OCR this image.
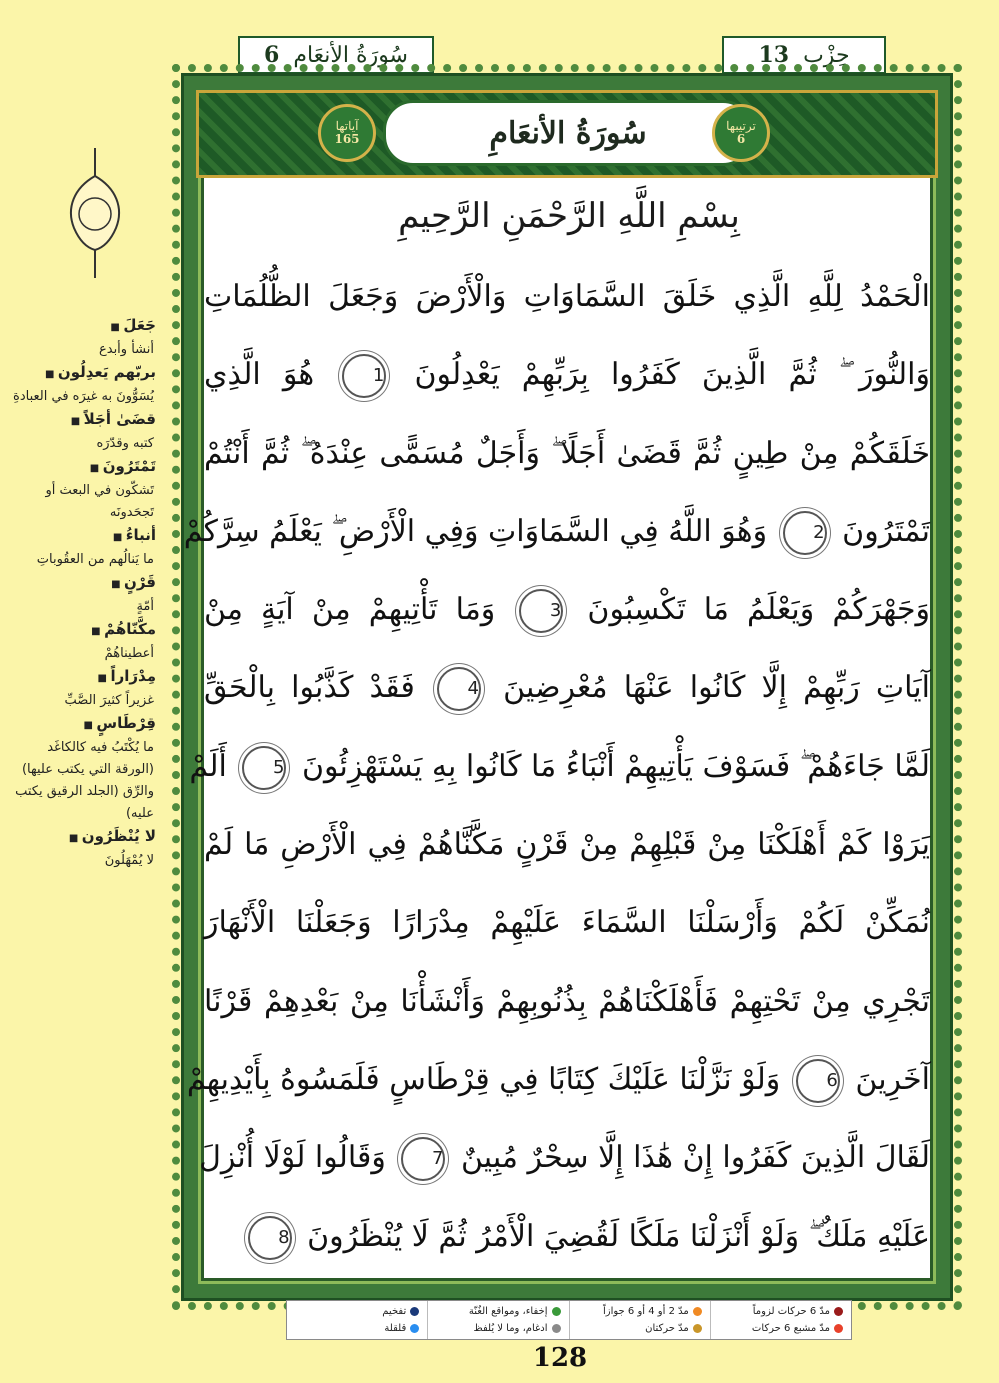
سُورَةُ الأنعَام
6	حِزْب
13
آياتها
165	سُورَةُ الأنعَامِ	ترتيبها
6
بِسْمِ اللَّهِ الرَّحْمَنِ الرَّحِيمِ
الْحَمْدُ لِلَّهِ الَّذِي خَلَقَ السَّمَاوَاتِ وَالْأَرْضَ وَجَعَلَ الظُّلُمَاتِ
وَالنُّورَ ۖ ثُمَّ الَّذِينَ كَفَرُوا بِرَبِّهِمْ يَعْدِلُونَ 1 هُوَ الَّذِي
خَلَقَكُمْ مِنْ طِينٍ ثُمَّ قَضَىٰ أَجَلًا ۖ وَأَجَلٌ مُسَمًّى عِنْدَهُ ۖ ثُمَّ أَنْتُمْ
تَمْتَرُونَ 2 وَهُوَ اللَّهُ فِي السَّمَاوَاتِ وَفِي الْأَرْضِ ۖ يَعْلَمُ سِرَّكُمْ
وَجَهْرَكُمْ وَيَعْلَمُ مَا تَكْسِبُونَ 3 وَمَا تَأْتِيهِمْ مِنْ آيَةٍ مِنْ
آيَاتِ رَبِّهِمْ إِلَّا كَانُوا عَنْهَا مُعْرِضِينَ 4 فَقَدْ كَذَّبُوا بِالْحَقِّ
لَمَّا جَاءَهُمْ ۖ فَسَوْفَ يَأْتِيهِمْ أَنْبَاءُ مَا كَانُوا بِهِ يَسْتَهْزِئُونَ 5 أَلَمْ
يَرَوْا كَمْ أَهْلَكْنَا مِنْ قَبْلِهِمْ مِنْ قَرْنٍ مَكَّنَّاهُمْ فِي الْأَرْضِ مَا لَمْ
نُمَكِّنْ لَكُمْ وَأَرْسَلْنَا السَّمَاءَ عَلَيْهِمْ مِدْرَارًا وَجَعَلْنَا الْأَنْهَارَ
تَجْرِي مِنْ تَحْتِهِمْ فَأَهْلَكْنَاهُمْ بِذُنُوبِهِمْ وَأَنْشَأْنَا مِنْ بَعْدِهِمْ قَرْنًا
آخَرِينَ 6 وَلَوْ نَزَّلْنَا عَلَيْكَ كِتَابًا فِي قِرْطَاسٍ فَلَمَسُوهُ بِأَيْدِيهِمْ
لَقَالَ الَّذِينَ كَفَرُوا إِنْ هَٰذَا إِلَّا سِحْرٌ مُبِينٌ 7 وَقَالُوا لَوْلَا أُنْزِلَ
عَلَيْهِ مَلَكٌ ۖ وَلَوْ أَنْزَلْنَا مَلَكًا لَقُضِيَ الْأَمْرُ ثُمَّ لَا يُنْظَرُونَ 8
جَعَلَ ■
أنشأ وأبدع
بربّهم يَعدِلُون ■
يُسَوُّونَ به غيرَه في العبادةِ
قضَىٰ أجَلاً ■
كتبه وقدّرَه
تَمْتَرُونَ ■
تَشكّون في البعث أو تَجحَدونَه
أنباءُ ■
ما يَنالُهم من العقُوباتِ
قَرْنٍ ■
أمّةٍ
مكَّنّاهُمْ ■
أعطيناهُمْ
مِدْرَاراً ■
غزيراً كثيرَ الصَّبِّ
قِرْطَاسٍ ■
ما يُكْتَبُ فيه كالكاغَد (الورقة التي يكتب عليها) والرِّق (الجلد الرقيق يكتب عليه)
لا يُنْظَرُون ■
لا يُمْهَلُونَ
مدّ 6 حركات لزوماً
مدّ مشبع 6 حركات
مدّ 2 أو 4 أو 6 جوازاً
مدّ حركتان
إخفاء، ومواقع الغُنّة
ادغام، وما لا يُلفظ
تفخيم
قلقلة
128
